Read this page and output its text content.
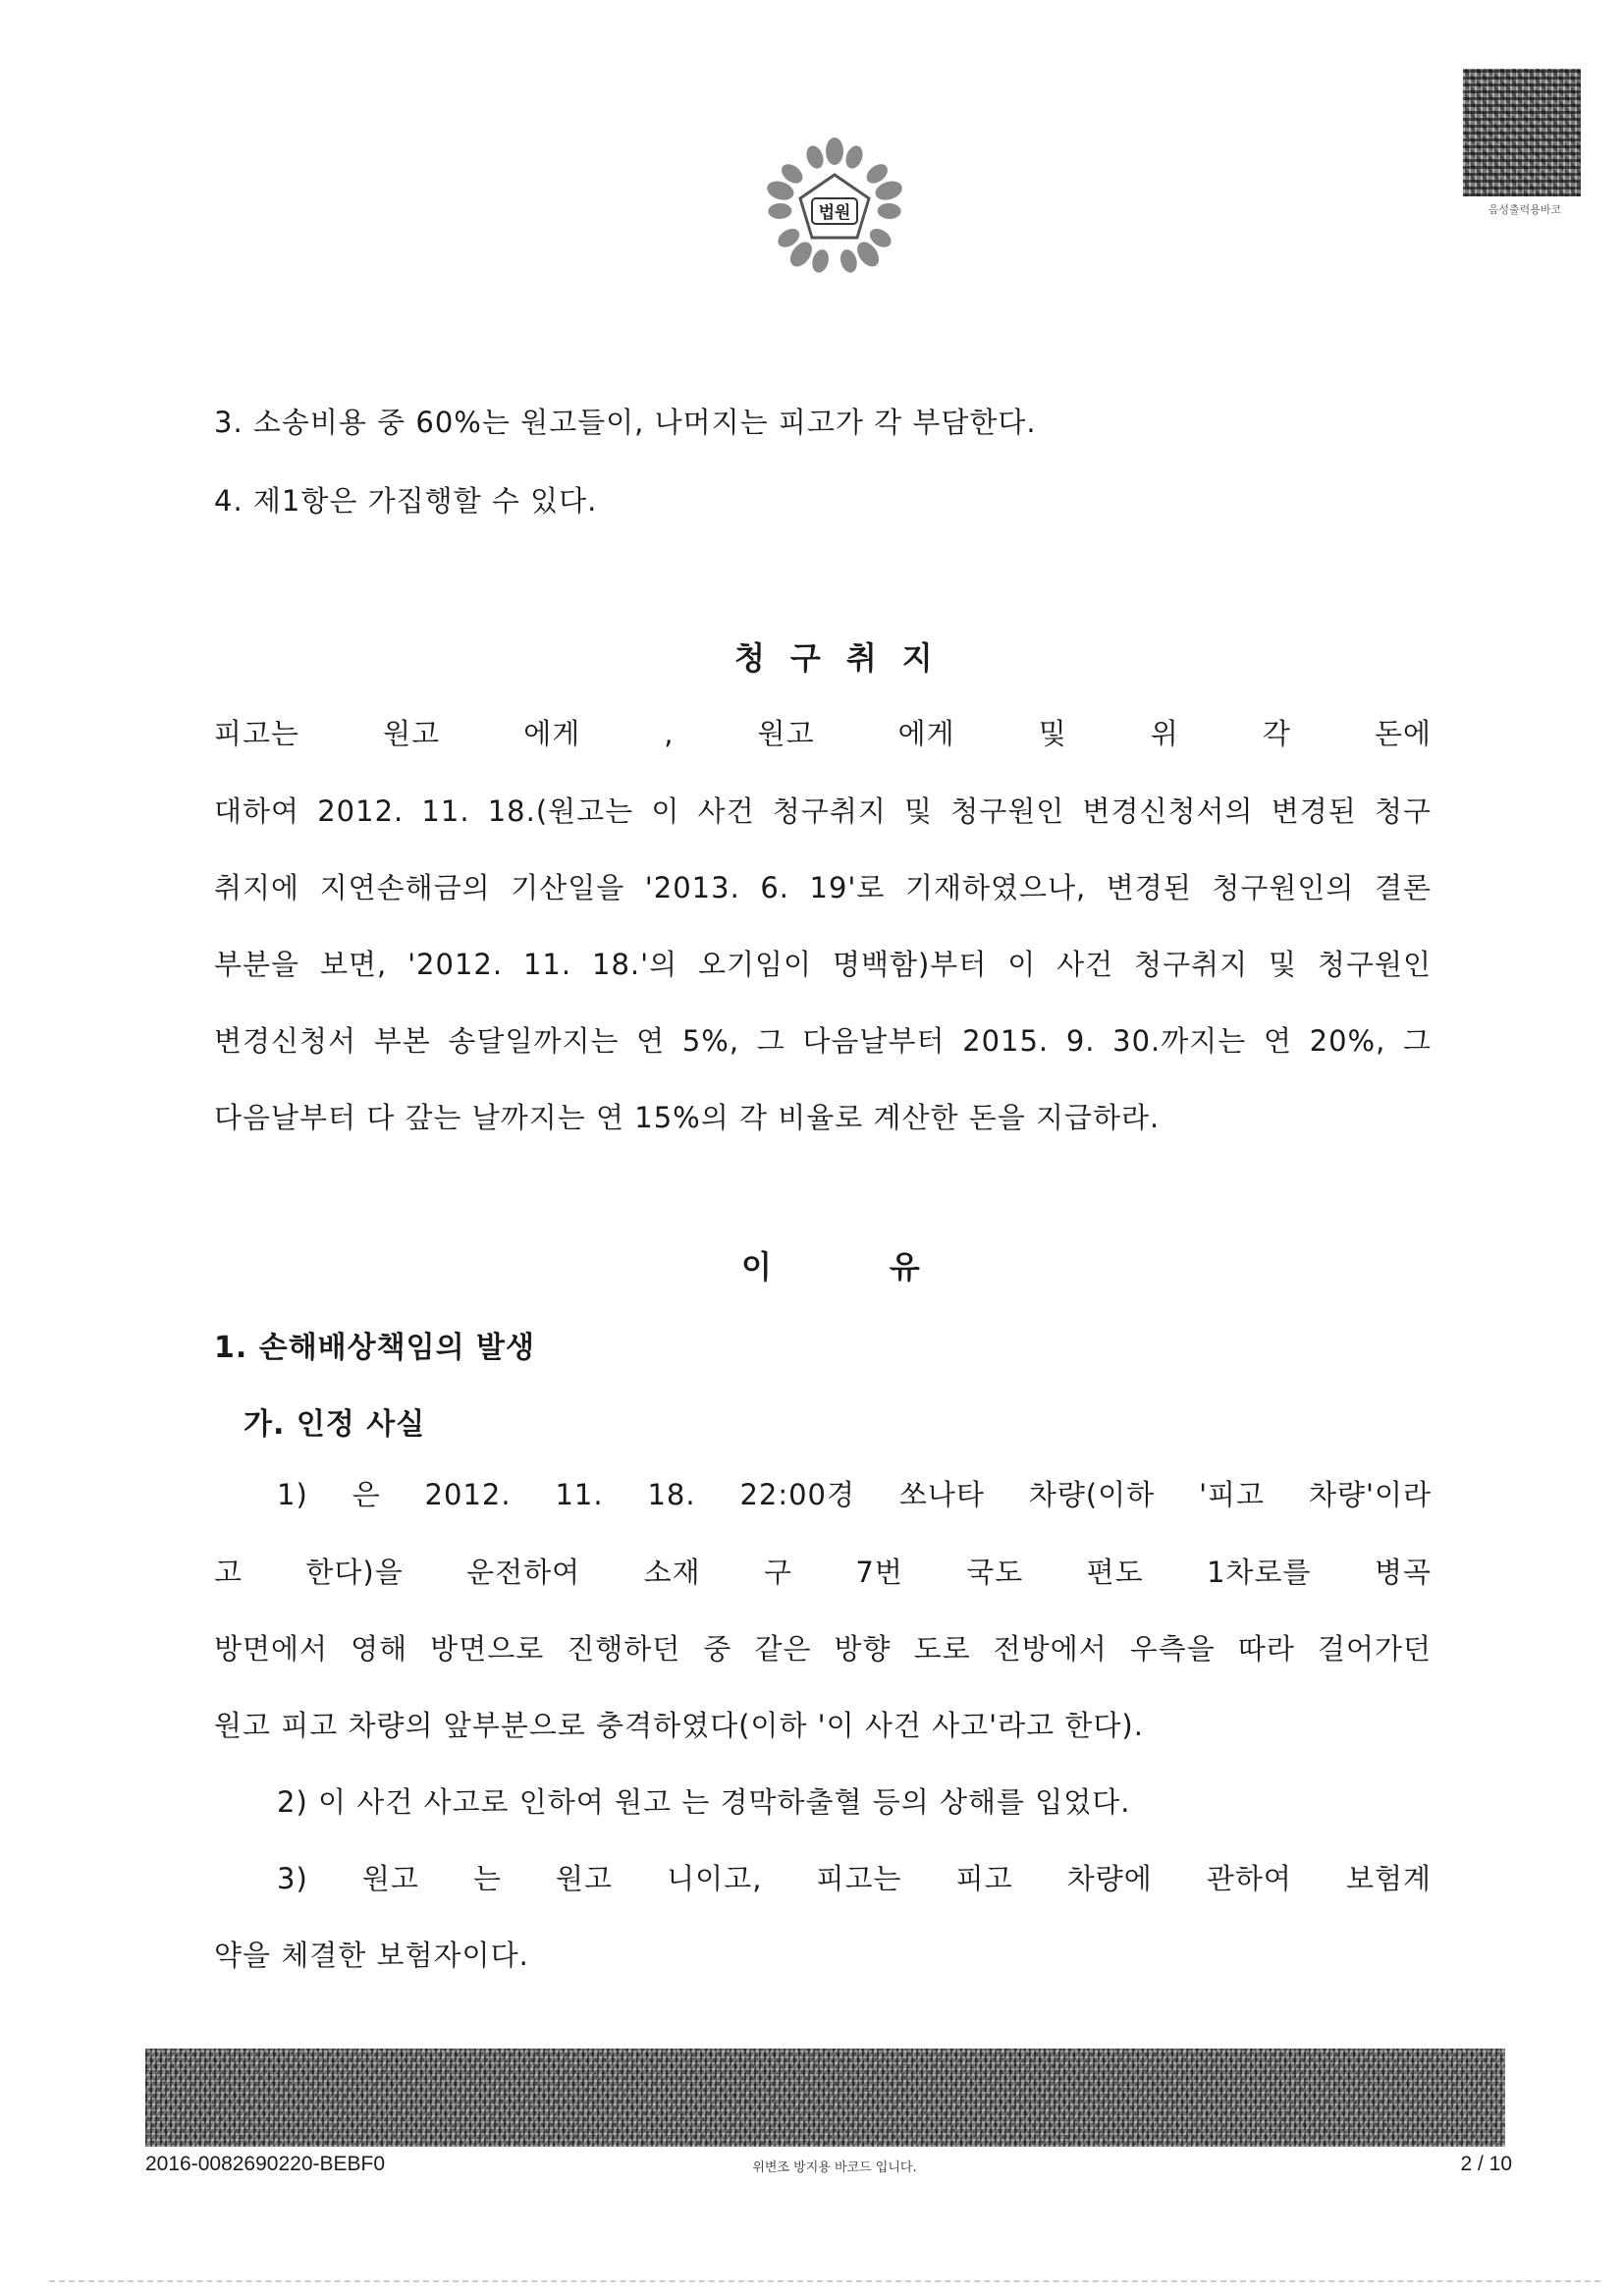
법원	음성출력용바코
3. 소송비용 중 60%는 원고들이, 나머지는 피고가 각 부담한다.
4. 제1항은 가집행할 수 있다.
청구취지
피고는 원고 에게 , 원고 에게 및 위 각 돈에
대하여 2012. 11. 18.(원고는 이 사건 청구취지 및 청구원인 변경신청서의 변경된 청구
취지에 지연손해금의 기산일을 '2013. 6. 19'로 기재하였으나, 변경된 청구원인의 결론
부분을 보면, '2012. 11. 18.'의 오기임이 명백함)부터 이 사건 청구취지 및 청구원인
변경신청서 부본 송달일까지는 연 5%, 그 다음날부터 2015. 9. 30.까지는 연 20%, 그
다음날부터 다 갚는 날까지는 연 15%의 각 비율로 계산한 돈을 지급하라.
이유
1. 손해배상책임의 발생
가. 인정 사실
1) 은 2012. 11. 18. 22:00경 쏘나타 차량(이하 '피고 차량'이라
고 한다)을 운전하여 소재 구 7번 국도 편도 1차로를 병곡
방면에서 영해 방면으로 진행하던 중 같은 방향 도로 전방에서 우측을 따라 걸어가던
원고 피고 차량의 앞부분으로 충격하였다(이하 '이 사건 사고'라고 한다).
2) 이 사건 사고로 인하여 원고 는 경막하출혈 등의 상해를 입었다.
3) 원고 는 원고 니이고, 피고는 피고 차량에 관하여 보험계
약을 체결한 보험자이다.
2016-0082690220-BEBF0	위변조 방지용 바코드 입니다.	2 / 10
